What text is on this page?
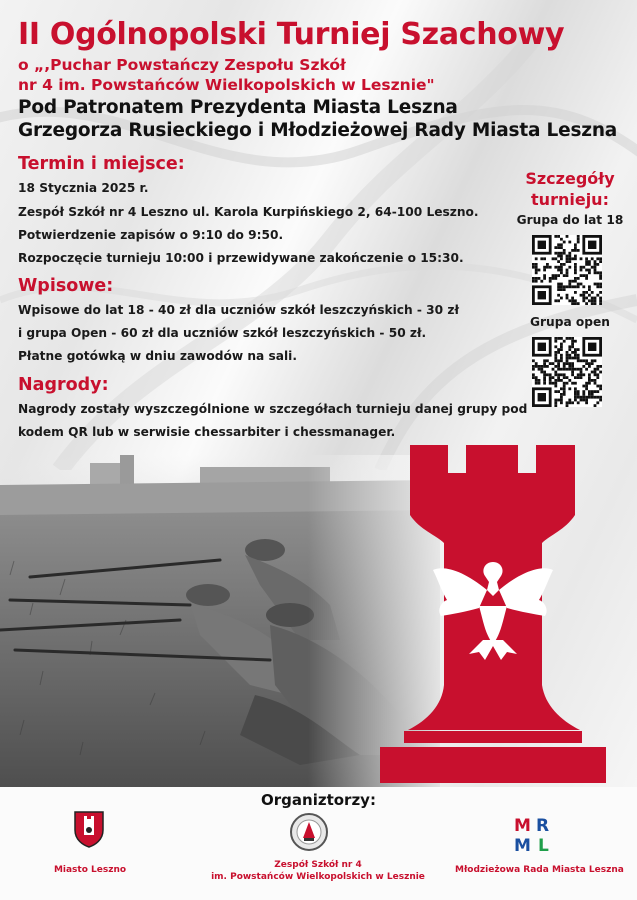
II Ogólnopolski Turniej Szachowy
o „,Puchar Powstańczy Zespołu Szkół
nr 4 im. Powstańców Wielkopolskich w Lesznie"
Pod Patronatem Prezydenta Miasta Leszna
Grzegorza Rusieckiego i Młodzieżowej Rady Miasta Leszna
Termin i miejsce:
18 Stycznia 2025 r.
Zespół Szkół nr 4 Leszno ul. Karola Kurpińskiego 2, 64-100 Leszno.
Potwierdzenie zapisów o 9:10 do 9:50.
Rozpoczęcie turnieju 10:00 i przewidywane zakończenie o 15:30.
Wpisowe:
Wpisowe do lat 18 - 40 zł dla uczniów szkół leszczyńskich - 30 zł
i grupa Open - 60 zł dla uczniów szkół leszczyńskich - 50 zł.
Płatne gotówką w dniu zawodów na sali.
Nagrody:
Nagrody zostały wyszczególnione w szczegółach turnieju danej grupy pod
kodem QR lub w serwisie chessarbiter i chessmanager.
Szczegóły
turnieju:
Grupa do lat 18
Grupa open
Organiztorzy:
Miasto Leszno	Zespół Szkół nr 4
im. Powstańców Wielkopolskich w Lesznie
M R
M L
Młodzieżowa Rada Miasta Leszna
